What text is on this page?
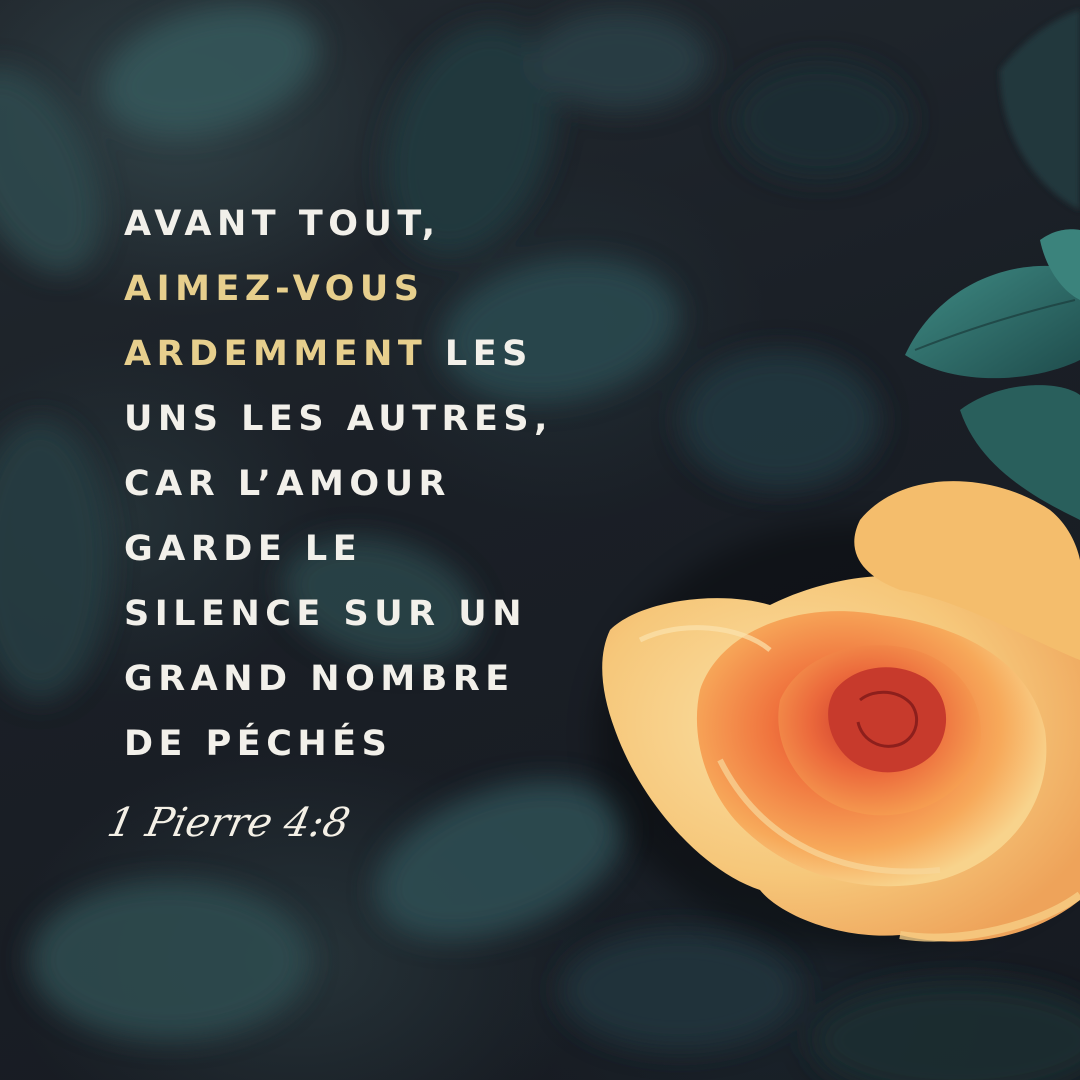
AVANT TOUT,
AIMEZ-VOUS
ARDEMMENT LES
UNS LES AUTRES,
CAR L’AMOUR
GARDE LE
SILENCE SUR UN
GRAND NOMBRE
DE PÉCHÉS

1 Pierre 4:8
